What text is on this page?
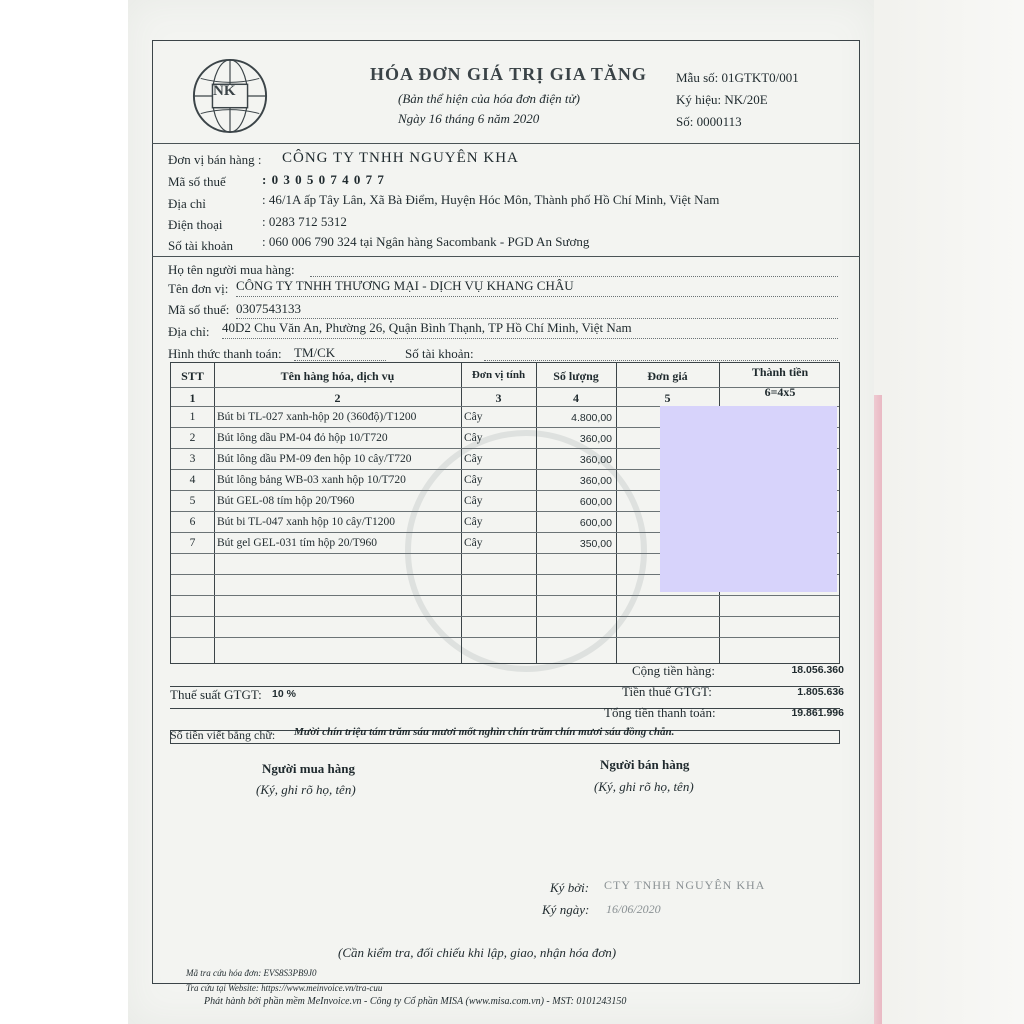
NK
HÓA ĐƠN GIÁ TRỊ GIA TĂNG
(Bản thể hiện của hóa đơn điện tử)
Ngày 16 tháng 6 năm 2020
Mẫu số: 01GTKT0/001
Ký hiệu: NK/20E
Số: 0000113
Đơn vị bán hàng : CÔNG TY TNHH NGUYÊN KHA
Mã số thuế	: 0 3 0 5 0 7 4 0 7 7
Địa chỉ	: 46/1A ấp Tây Lân, Xã Bà Điểm, Huyện Hóc Môn, Thành phố Hồ Chí Minh, Việt Nam
Điện thoại	: 0283 712 5312
Số tài khoản : 060 006 790 324 tại Ngân hàng Sacombank - PGD An Sương
Họ tên người mua hàng:
Tên đơn vị: CÔNG TY TNHH THƯƠNG MẠI - DỊCH VỤ KHANG CHÂU
Mã số thuế: 0307543133
Địa chỉ: 40D2 Chu Văn An, Phường 26, Quận Bình Thạnh, TP Hồ Chí Minh, Việt Nam
Hình thức thanh toán: TM/CK	Số tài khoản:
STT	Tên hàng hóa, dịch vụ	Đơn vị tính	Số lượng	Đơn giá	Thành tiền
1	2	3	4	5	6=4x5
1	Bút bi TL-027 xanh-hộp 20 (360độ)/T1200	Cây	4.800,00
2	Bút lông dầu PM-04 đỏ hộp 10/T720	Cây	360,00
3	Bút lông dầu PM-09 đen hộp 10 cây/T720	Cây	360,00
4	Bút lông bảng WB-03 xanh hộp 10/T720	Cây	360,00
5	Bút GEL-08 tím hộp 20/T960	Cây	600,00
6	Bút bi TL-047 xanh hộp 10 cây/T1200	Cây	600,00
7	Bút gel GEL-031 tím hộp 20/T960	Cây	350,00
Cộng tiền hàng:	18.056.360
Thuế suất GTGT: 10 %	Tiền thuế GTGT:	1.805.636
Tổng tiền thanh toán:	19.861.996
Số tiền viết bằng chữ: Mười chín triệu tám trăm sáu mươi mốt nghìn chín trăm chín mươi sáu đồng chẵn.
Người mua hàng
(Ký, ghi rõ họ, tên)
Người bán hàng
(Ký, ghi rõ họ, tên)
Ký bởi: CTY TNHH NGUYÊN KHA
Ký ngày: 16/06/2020
(Cần kiểm tra, đối chiếu khi lập, giao, nhận hóa đơn)
Mã tra cứu hóa đơn: EVS8S3PB9J0
Tra cứu tại Website: https://www.meinvoice.vn/tra-cuu
Phát hành bởi phần mềm MeInvoice.vn - Công ty Cổ phần MISA (www.misa.com.vn) - MST: 0101243150
